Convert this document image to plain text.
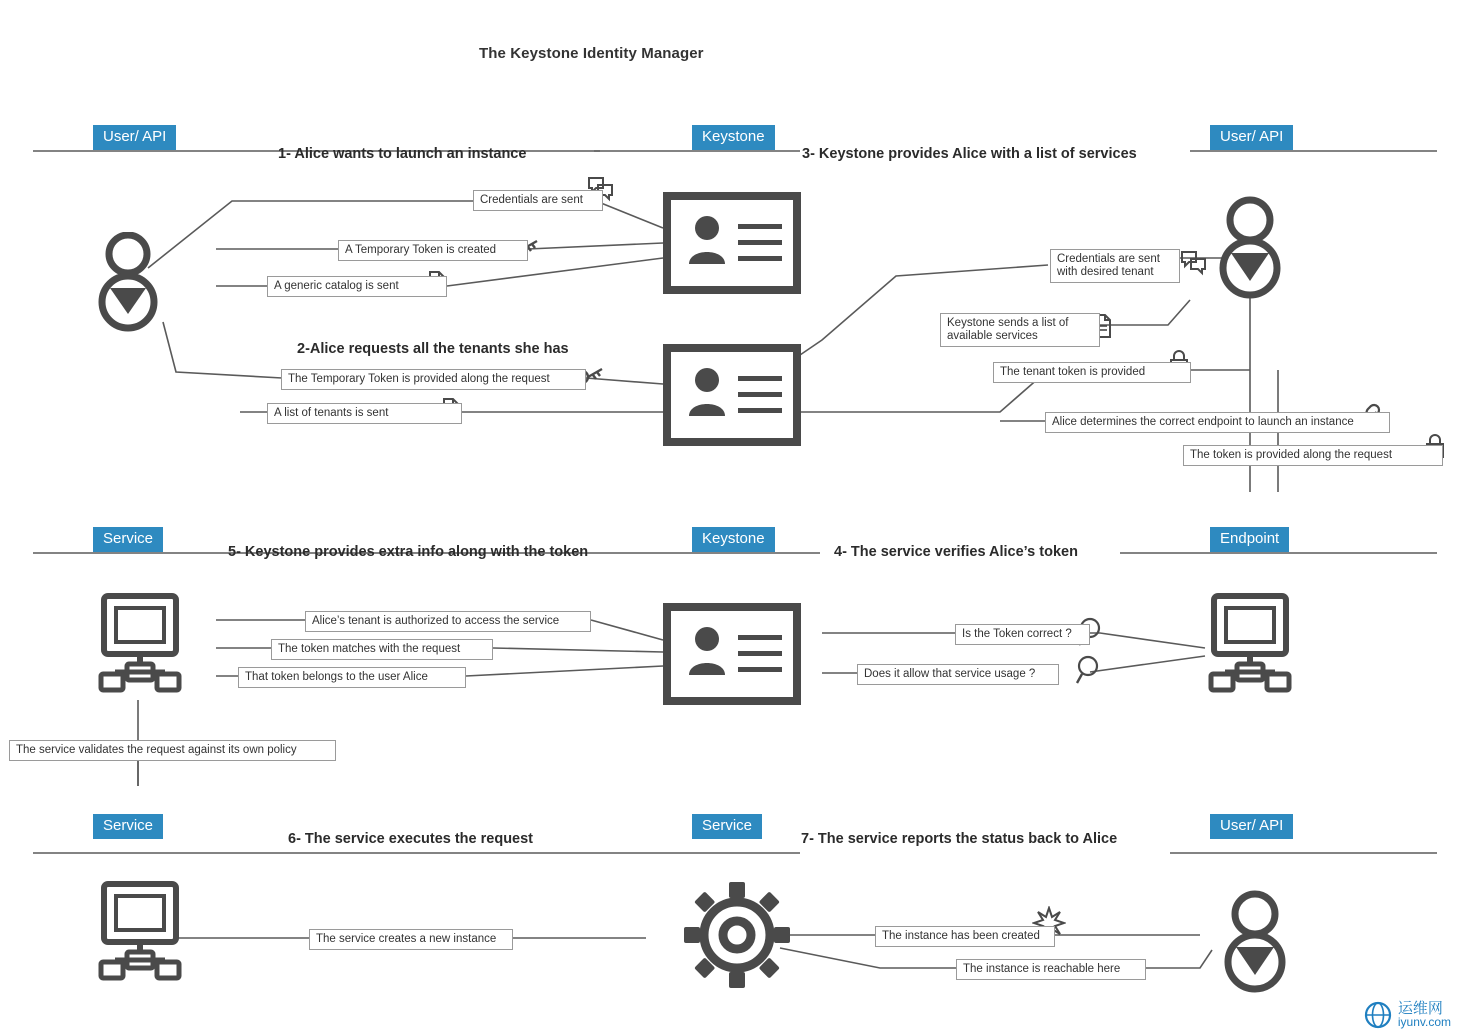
The Keystone Identity Manager
User/ API	Keystone	User/ API
Service	Keystone	Endpoint
Service	Service	User/ API
1- Alice wants to launch an instance	3- Keystone provides Alice with a list of services
2-Alice requests all the tenants she has
5- Keystone provides extra info along with the token	4- The service verifies Alice’s token
6- The service executes the request	7- The service reports the status back to Alice
Credentials are sent
A Temporary Token is created
A generic catalog is sent
The Temporary Token is provided along the request
A list of tenants is sent
Credentials are sent with desired tenant
Keystone sends a list of available services
The tenant token is provided
Alice determines the correct endpoint to launch an instance
The token is provided along the request
Alice’s tenant is authorized to access the service
The token matches with the request
That token belongs to the user Alice
Is the Token correct ?
Does it allow that service usage ?
The service validates the request against its own policy
The service creates a new instance	The instance has been created
The instance is reachable here
运维网
iyunv.com
